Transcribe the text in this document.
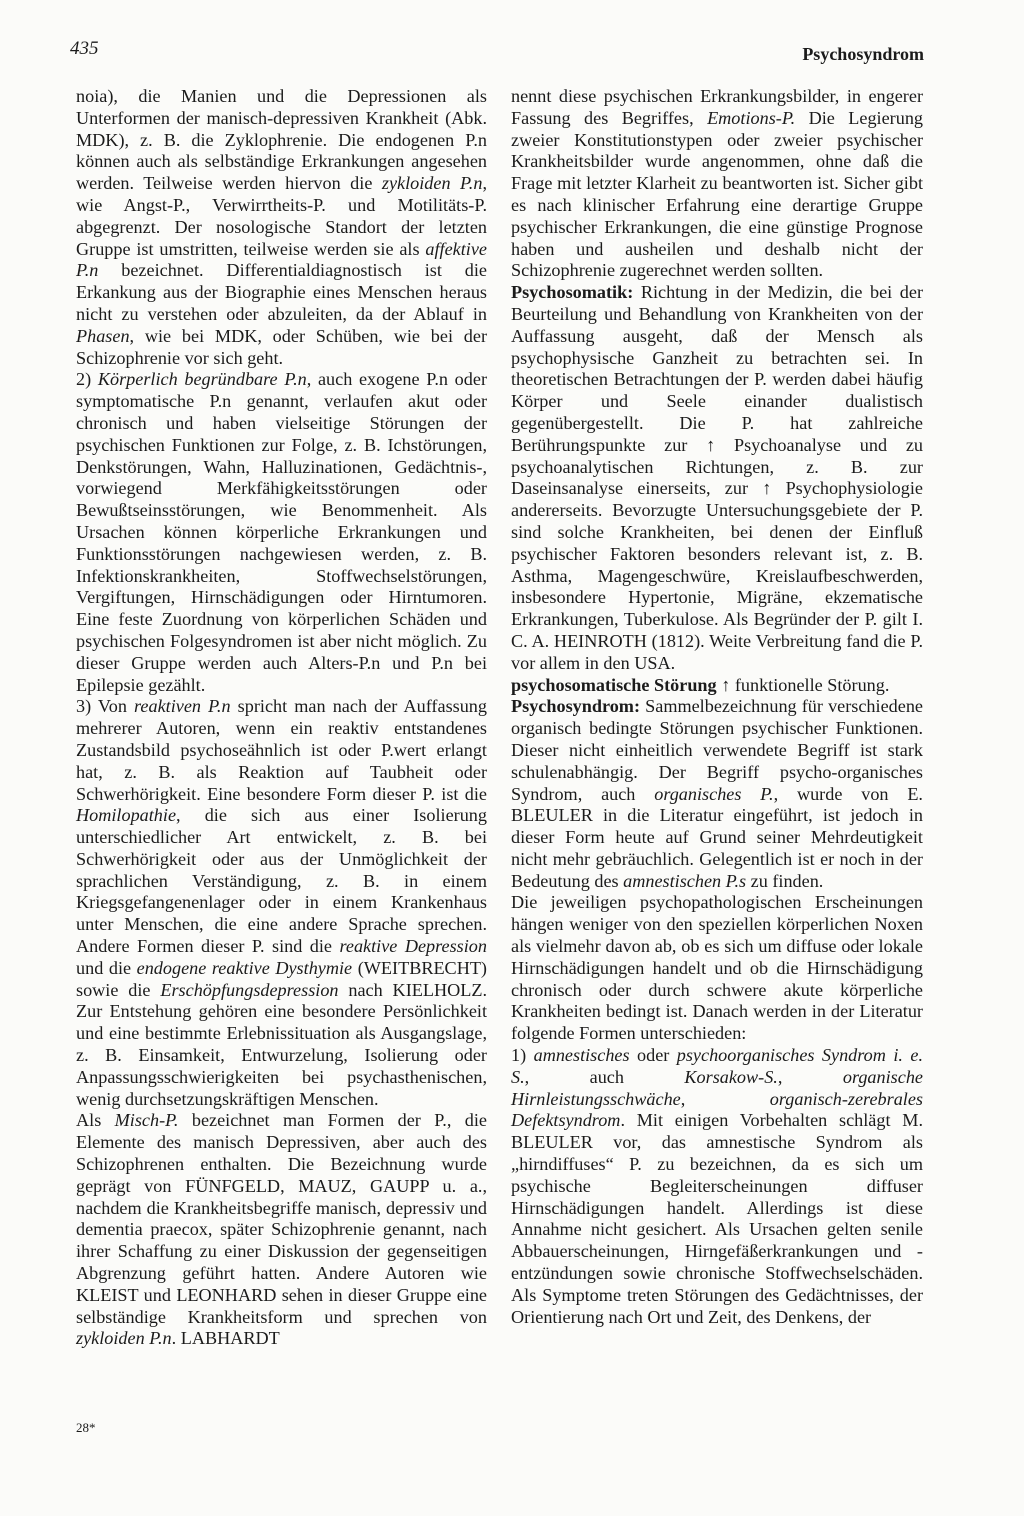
435	Psychosyndrom

noia), die Manien und die Depressionen als Unterformen der manisch-depressiven Krankheit (Abk. MDK), z. B. die Zyklophrenie. Die endogenen P.n können auch als selbständige Erkrankungen angesehen werden. Teilweise werden hiervon die zykloiden P.n, wie Angst-P., Verwirrtheits-P. und Motilitäts-P. abgegrenzt. Der nosologische Standort der letzten Gruppe ist umstritten, teilweise werden sie als affektive P.n bezeichnet. Differentialdiagnostisch ist die Erkankung aus der Biographie eines Menschen heraus nicht zu verstehen oder abzuleiten, da der Ablauf in Phasen, wie bei MDK, oder Schüben, wie bei der Schizophrenie vor sich geht.

2) Körperlich begründbare P.n, auch exogene P.n oder symptomatische P.n genannt, verlaufen akut oder chronisch und haben vielseitige Störungen der psychischen Funktionen zur Folge, z. B. Ichstörungen, Denkstörungen, Wahn, Halluzinationen, Gedächtnis-, vorwiegend Merkfähigkeitsstörungen oder Bewußtseinsstörungen, wie Benommenheit. Als Ursachen können körperliche Erkrankungen und Funktionsstörungen nachgewiesen werden, z. B. Infektionskrankheiten, Stoffwechselstörungen, Vergiftungen, Hirnschädigungen oder Hirntumoren. Eine feste Zuordnung von körperlichen Schäden und psychischen Folgesyndromen ist aber nicht möglich. Zu dieser Gruppe werden auch Alters-P.n und P.n bei Epilepsie gezählt.

3) Von reaktiven P.n spricht man nach der Auffassung mehrerer Autoren, wenn ein reaktiv entstandenes Zustandsbild psychoseähnlich ist oder P.wert erlangt hat, z. B. als Reaktion auf Taubheit oder Schwerhörigkeit. Eine besondere Form dieser P. ist die Homilopathie, die sich aus einer Isolierung unterschiedlicher Art entwickelt, z. B. bei Schwerhörigkeit oder aus der Unmöglichkeit der sprachlichen Verständigung, z. B. in einem Kriegsgefangenenlager oder in einem Krankenhaus unter Menschen, die eine andere Sprache sprechen. Andere Formen dieser P. sind die reaktive Depression und die endogene reaktive Dysthymie (WEITBRECHT) sowie die Erschöpfungsdepression nach KIELHOLZ. Zur Entstehung gehören eine besondere Persönlichkeit und eine bestimmte Erlebnissituation als Ausgangslage, z. B. Einsamkeit, Entwurzelung, Isolierung oder Anpassungsschwierigkeiten bei psychasthenischen, wenig durchsetzungskräftigen Menschen.

Als Misch-P. bezeichnet man Formen der P., die Elemente des manisch Depressiven, aber auch des Schizophrenen enthalten. Die Bezeichnung wurde geprägt von FÜNFGELD, MAUZ, GAUPP u. a., nachdem die Krankheitsbegriffe manisch, depressiv und dementia praecox, später Schizophrenie genannt, nach ihrer Schaffung zu einer Diskussion der gegenseitigen Abgrenzung geführt hatten. Andere Autoren wie KLEIST und LEONHARD sehen in dieser Gruppe eine selbständige Krankheitsform und sprechen von zykloiden P.n. LABHARDT

nennt diese psychischen Erkrankungsbilder, in engerer Fassung des Begriffes, Emotions-P. Die Legierung zweier Konstitutionstypen oder zweier psychischer Krankheitsbilder wurde angenommen, ohne daß die Frage mit letzter Klarheit zu beantworten ist. Sicher gibt es nach klinischer Erfahrung eine derartige Gruppe psychischer Erkrankungen, die eine günstige Prognose haben und ausheilen und deshalb nicht der Schizophrenie zugerechnet werden sollten.

Psychosomatik: Richtung in der Medizin, die bei der Beurteilung und Behandlung von Krankheiten von der Auffassung ausgeht, daß der Mensch als psychophysische Ganzheit zu betrachten sei. In theoretischen Betrachtungen der P. werden dabei häufig Körper und Seele einander dualistisch gegenübergestellt. Die P. hat zahlreiche Berührungspunkte zur ↑ Psychoanalyse und zu psychoanalytischen Richtungen, z. B. zur Daseinsanalyse einerseits, zur ↑ Psychophysiologie andererseits. Bevorzugte Untersuchungsgebiete der P. sind solche Krankheiten, bei denen der Einfluß psychischer Faktoren besonders relevant ist, z. B. Asthma, Magengeschwüre, Kreislaufbeschwerden, insbesondere Hypertonie, Migräne, ekzematische Erkrankungen, Tuberkulose. Als Begründer der P. gilt I. C. A. HEINROTH (1812). Weite Verbreitung fand die P. vor allem in den USA.

psychosomatische Störung ↑ funktionelle Störung.

Psychosyndrom: Sammelbezeichnung für verschiedene organisch bedingte Störungen psychischer Funktionen. Dieser nicht einheitlich verwendete Begriff ist stark schulenabhängig. Der Begriff psycho-organisches Syndrom, auch organisches P., wurde von E. BLEULER in die Literatur eingeführt, ist jedoch in dieser Form heute auf Grund seiner Mehrdeutigkeit nicht mehr gebräuchlich. Gelegentlich ist er noch in der Bedeutung des amnestischen P.s zu finden.

Die jeweiligen psychopathologischen Erscheinungen hängen weniger von den speziellen körperlichen Noxen als vielmehr davon ab, ob es sich um diffuse oder lokale Hirnschädigungen handelt und ob die Hirnschädigung chronisch oder durch schwere akute körperliche Krankheiten bedingt ist. Danach werden in der Literatur folgende Formen unterschieden:

1) amnestisches oder psychoorganisches Syndrom i. e. S., auch Korsakow-S., organische Hirnleistungsschwäche, organisch-zerebrales Defektsyndrom. Mit einigen Vorbehalten schlägt M. BLEULER vor, das amnestische Syndrom als „hirndiffuses“ P. zu bezeichnen, da es sich um psychische Begleiterscheinungen diffuser Hirnschädigungen handelt. Allerdings ist diese Annahme nicht gesichert. Als Ursachen gelten senile Abbauerscheinungen, Hirngefäßerkrankungen und -entzündungen sowie chronische Stoffwechselschäden. Als Symptome treten Störungen des Gedächtnisses, der Orientierung nach Ort und Zeit, des Denkens, der

28*
